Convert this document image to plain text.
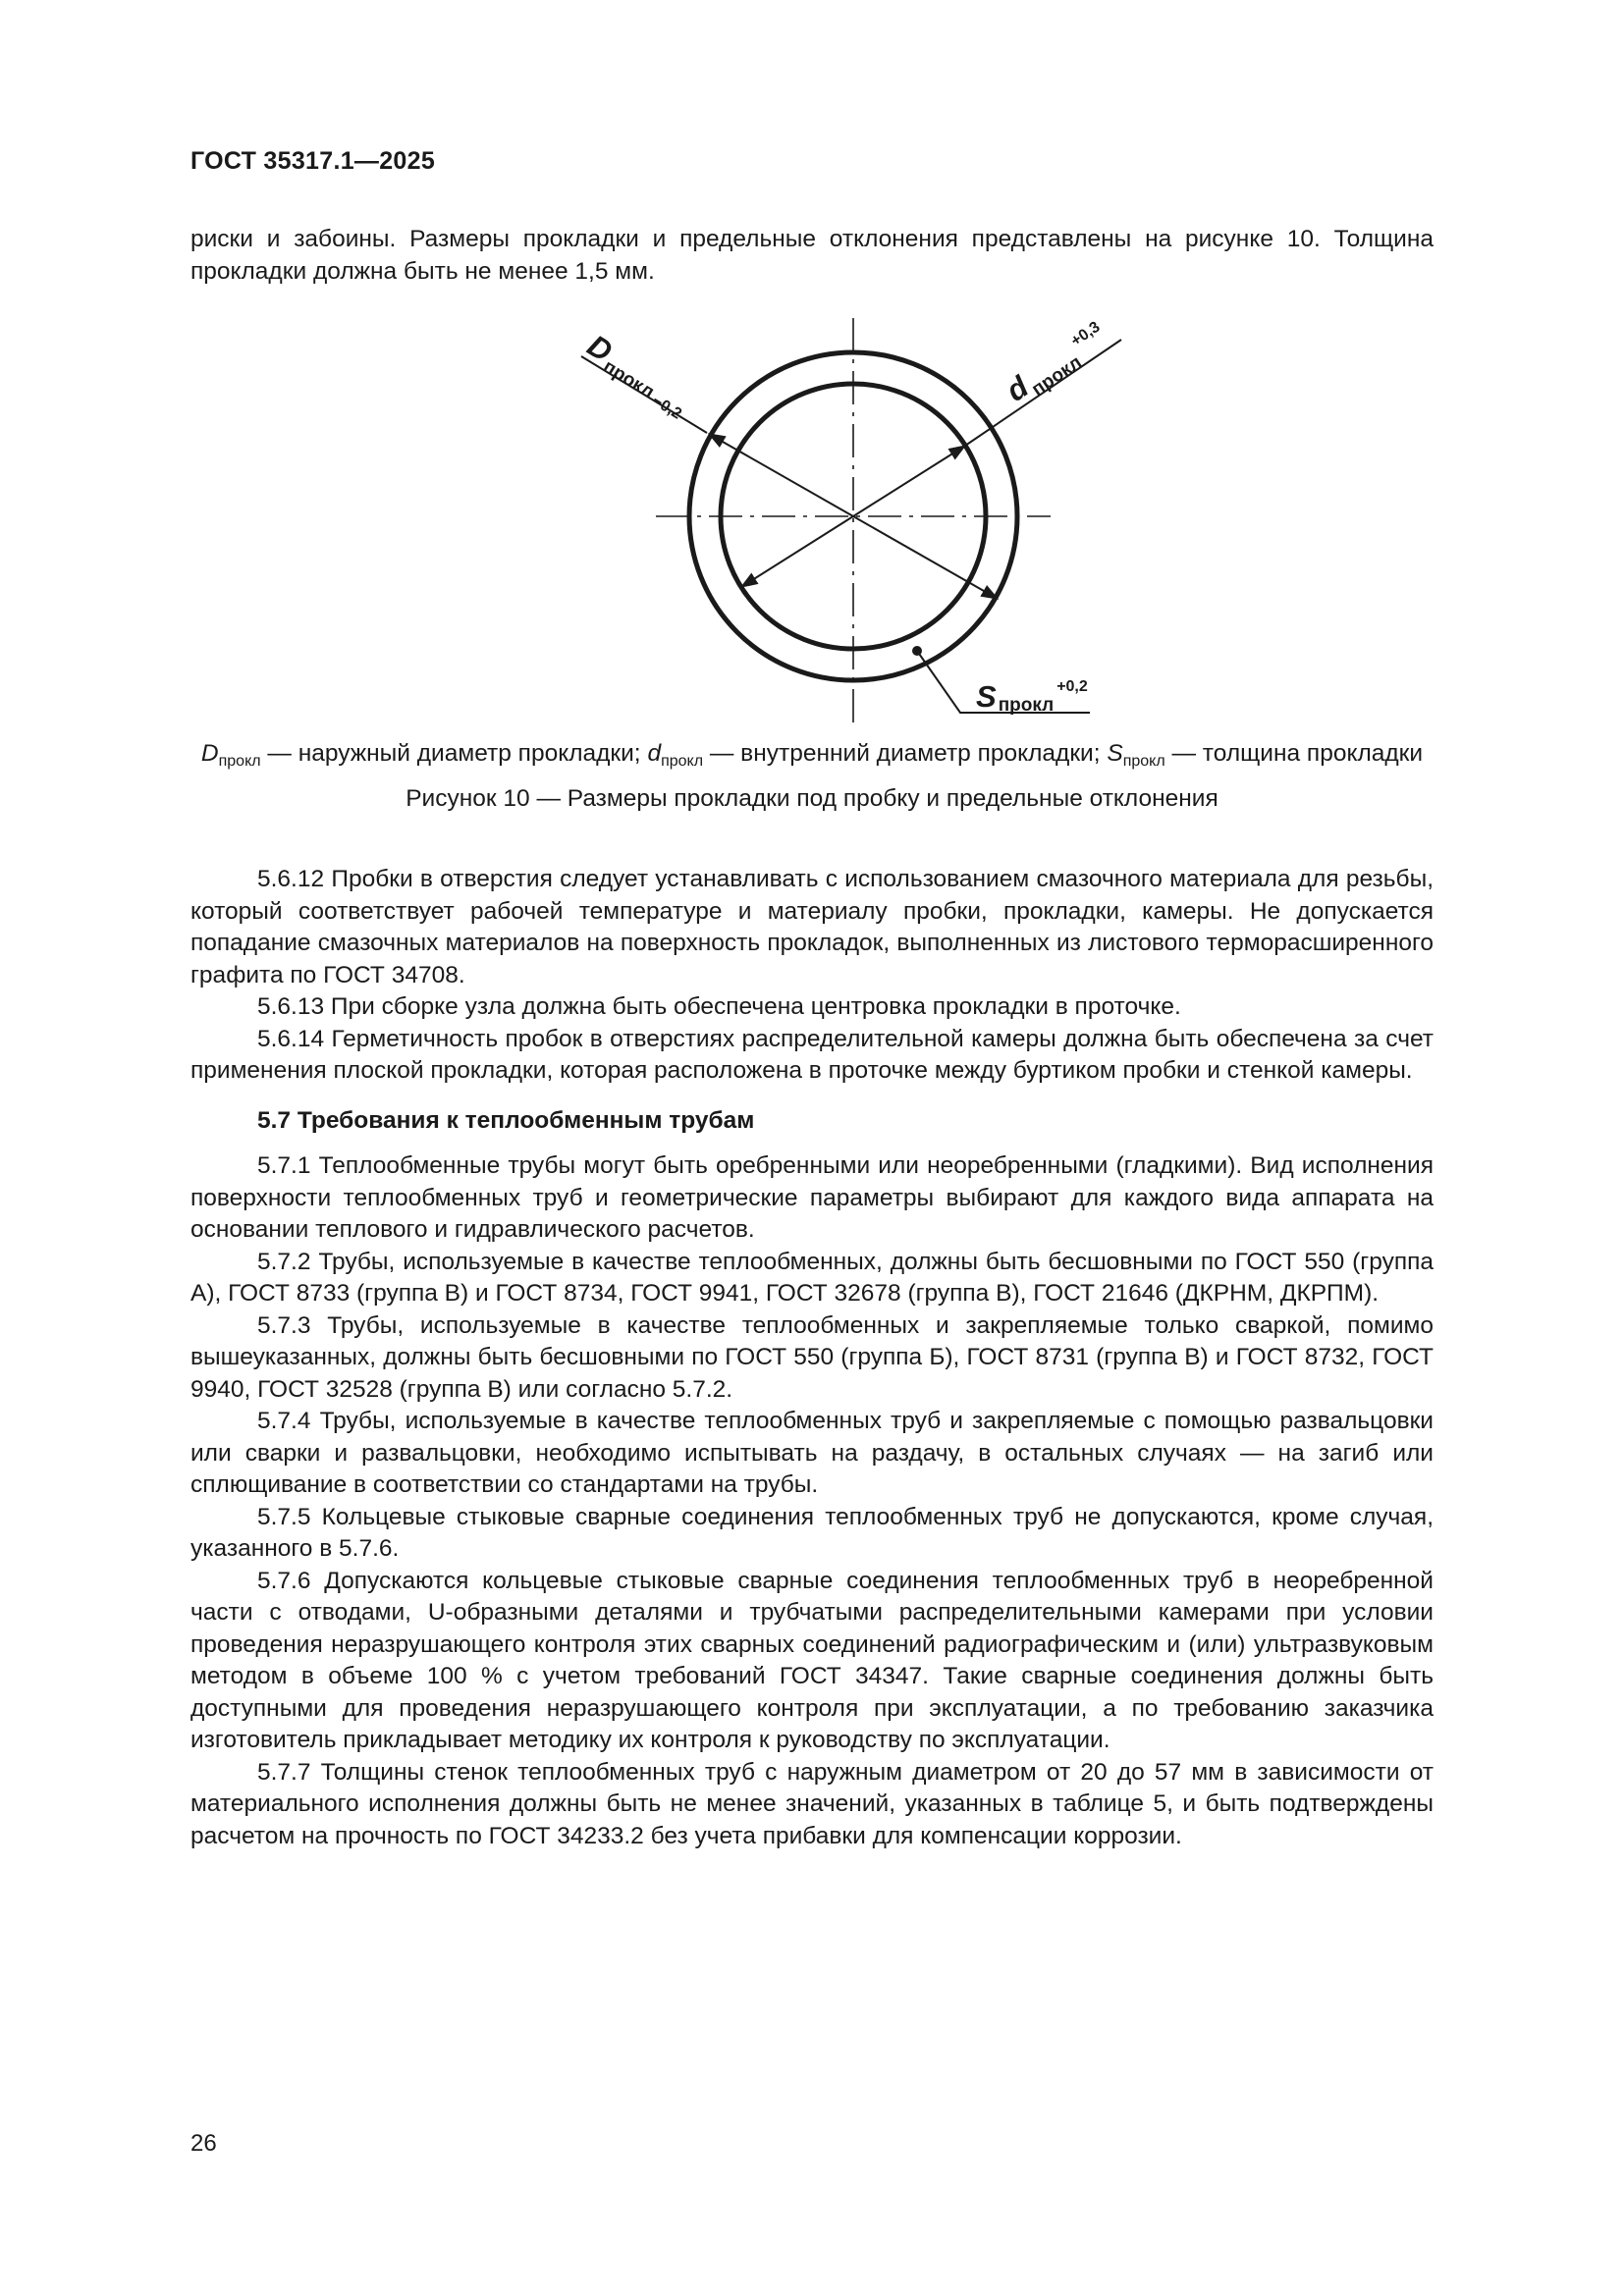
ГОСТ 35317.1—2025

риски и забоины. Размеры прокладки и предельные отклонения представлены на рисунке 10. Толщина прокладки должна быть не менее 1,5 мм.

Dпрокл−0,2	dпрокл+0,3
Sпрокл+0,2

$D_{прокл}$ — наружный диаметр прокладки; $d_{прокл}$ — внутренний диаметр прокладки; $S_{прокл}$ — толщина прокладки

Рисунок 10 — Размеры прокладки под пробку и предельные отклонения

5.6.12 Пробки в отверстия следует устанавливать с использованием смазочного материала для резьбы, который соответствует рабочей температуре и материалу пробки, прокладки, камеры. Не допускается попадание смазочных материалов на поверхность прокладок, выполненных из листового терморасширенного графита по ГОСТ 34708.

5.6.13 При сборке узла должна быть обеспечена центровка прокладки в проточке.

5.6.14 Герметичность пробок в отверстиях распределительной камеры должна быть обеспечена за счет применения плоской прокладки, которая расположена в проточке между буртиком пробки и стенкой камеры.

5.7 Требования к теплообменным трубам

5.7.1 Теплообменные трубы могут быть оребренными или неоребренными (гладкими). Вид исполнения поверхности теплообменных труб и геометрические параметры выбирают для каждого вида аппарата на основании теплового и гидравлического расчетов.

5.7.2 Трубы, используемые в качестве теплообменных, должны быть бесшовными по ГОСТ 550 (группа А), ГОСТ 8733 (группа В) и ГОСТ 8734, ГОСТ 9941, ГОСТ 32678 (группа В), ГОСТ 21646 (ДКРНМ, ДКРПМ).

5.7.3 Трубы, используемые в качестве теплообменных и закрепляемые только сваркой, помимо вышеуказанных, должны быть бесшовными по ГОСТ 550 (группа Б), ГОСТ 8731 (группа В) и ГОСТ 8732, ГОСТ 9940, ГОСТ 32528 (группа В) или согласно 5.7.2.

5.7.4 Трубы, используемые в качестве теплообменных труб и закрепляемые с помощью развальцовки или сварки и развальцовки, необходимо испытывать на раздачу, в остальных случаях — на загиб или сплющивание в соответствии со стандартами на трубы.

5.7.5 Кольцевые стыковые сварные соединения теплообменных труб не допускаются, кроме случая, указанного в 5.7.6.

5.7.6 Допускаются кольцевые стыковые сварные соединения теплообменных труб в неоребренной части с отводами, U-образными деталями и трубчатыми распределительными камерами при условии проведения неразрушающего контроля этих сварных соединений радиографическим и (или) ультразвуковым методом в объеме 100 % с учетом требований ГОСТ 34347. Такие сварные соединения должны быть доступными для проведения неразрушающего контроля при эксплуатации, а по требованию заказчика изготовитель прикладывает методику их контроля к руководству по эксплуатации.

5.7.7 Толщины стенок теплообменных труб с наружным диаметром от 20 до 57 мм в зависимости от материального исполнения должны быть не менее значений, указанных в таблице 5, и быть подтверждены расчетом на прочность по ГОСТ 34233.2 без учета прибавки для компенсации коррозии.

26
